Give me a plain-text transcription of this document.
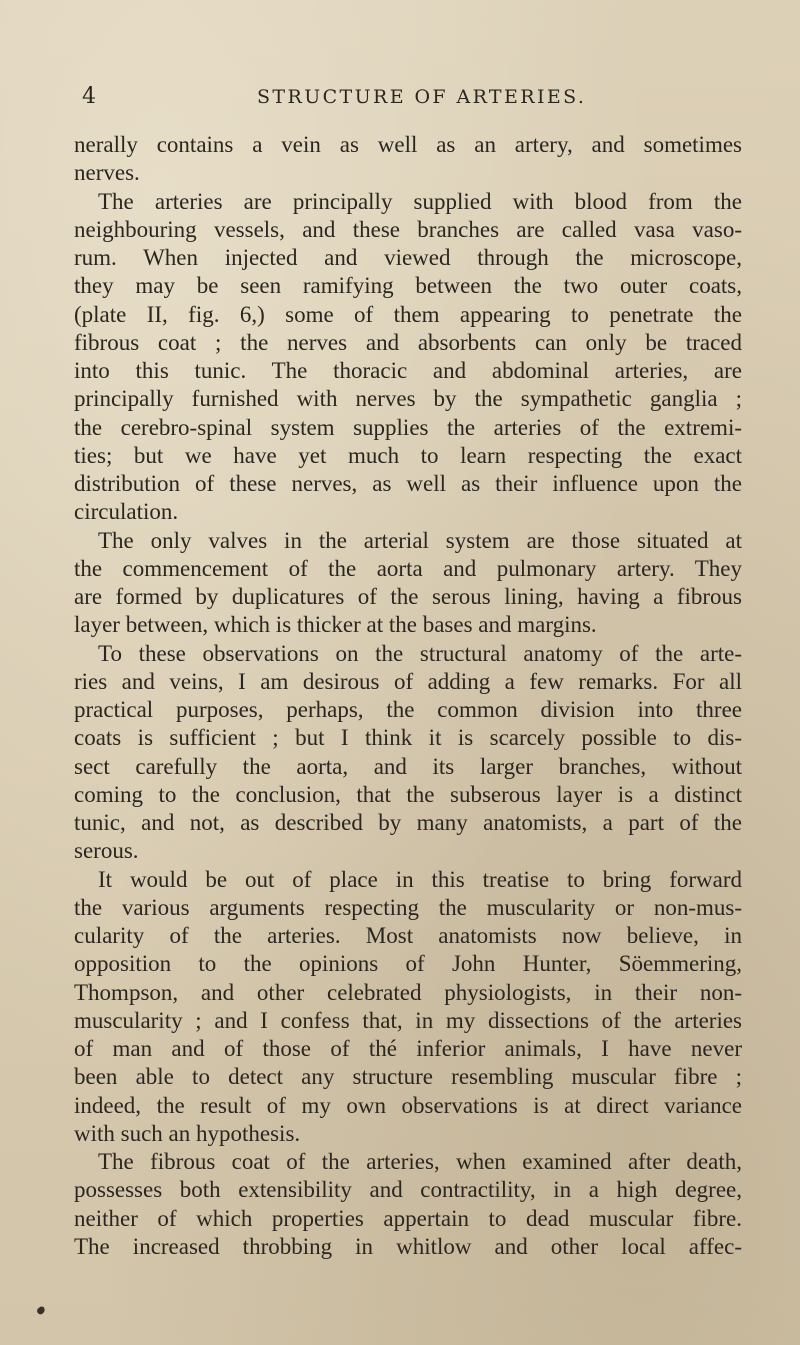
4	STRUCTURE OF ARTERIES.
nerally contains a vein as well as an artery, and sometimes
nerves.
The arteries are principally supplied with blood from the
neighbouring vessels, and these branches are called vasa vaso-
rum. When injected and viewed through the microscope,
they may be seen ramifying between the two outer coats,
(plate II, fig. 6,) some of them appearing to penetrate the
fibrous coat ; the nerves and absorbents can only be traced
into this tunic. The thoracic and abdominal arteries, are
principally furnished with nerves by the sympathetic ganglia ;
the cerebro-spinal system supplies the arteries of the extremi-
ties; but we have yet much to learn respecting the exact
distribution of these nerves, as well as their influence upon the
circulation.
The only valves in the arterial system are those situated at
the commencement of the aorta and pulmonary artery. They
are formed by duplicatures of the serous lining, having a fibrous
layer between, which is thicker at the bases and margins.
To these observations on the structural anatomy of the arte-
ries and veins, I am desirous of adding a few remarks. For all
practical purposes, perhaps, the common division into three
coats is sufficient ; but I think it is scarcely possible to dis-
sect carefully the aorta, and its larger branches, without
coming to the conclusion, that the subserous layer is a distinct
tunic, and not, as described by many anatomists, a part of the
serous.
It would be out of place in this treatise to bring forward
the various arguments respecting the muscularity or non-mus-
cularity of the arteries. Most anatomists now believe, in
opposition to the opinions of John Hunter, Söemmering,
Thompson, and other celebrated physiologists, in their non-
muscularity ; and I confess that, in my dissections of the arteries
of man and of those of thé inferior animals, I have never
been able to detect any structure resembling muscular fibre ;
indeed, the result of my own observations is at direct variance
with such an hypothesis.
The fibrous coat of the arteries, when examined after death,
possesses both extensibility and contractility, in a high degree,
neither of which properties appertain to dead muscular fibre.
The increased throbbing in whitlow and other local affec-
